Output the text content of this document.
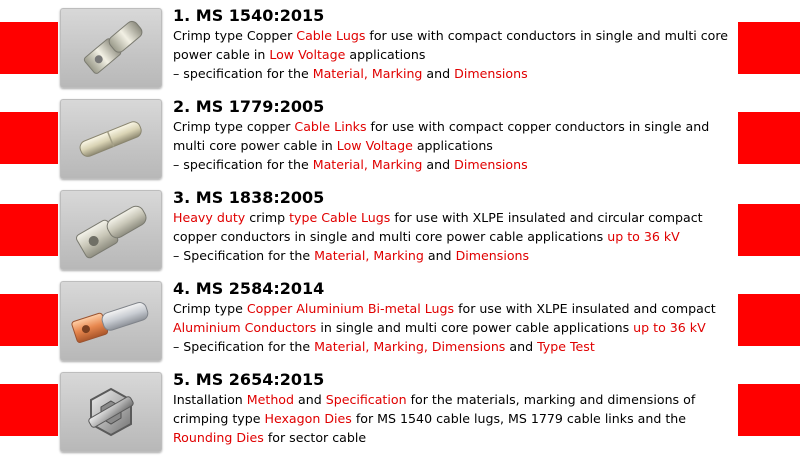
1. MS 1540:2015

Crimp type Copper Cable Lugs for use with compact conductors in single and multi core

power cable in Low Voltage applications

– specification for the Material, Marking and Dimensions

2. MS 1779:2005

Crimp type copper Cable Links for use with compact copper conductors in single and

multi core power cable in Low Voltage applications

– specification for the Material, Marking and Dimensions

3. MS 1838:2005

Heavy duty crimp type Cable Lugs for use with XLPE insulated and circular compact

copper conductors in single and multi core power cable applications up to 36 kV

– Specification for the Material, Marking and Dimensions

4. MS 2584:2014

Crimp type Copper Aluminium Bi-metal Lugs for use with XLPE insulated and compact

Aluminium Conductors in single and multi core power cable applications up to 36 kV

– Specification for the Material, Marking, Dimensions and Type Test

5. MS 2654:2015

Installation Method and Specification for the materials, marking and dimensions of

crimping type Hexagon Dies for MS 1540 cable lugs, MS 1779 cable links and the

Rounding Dies for sector cable
